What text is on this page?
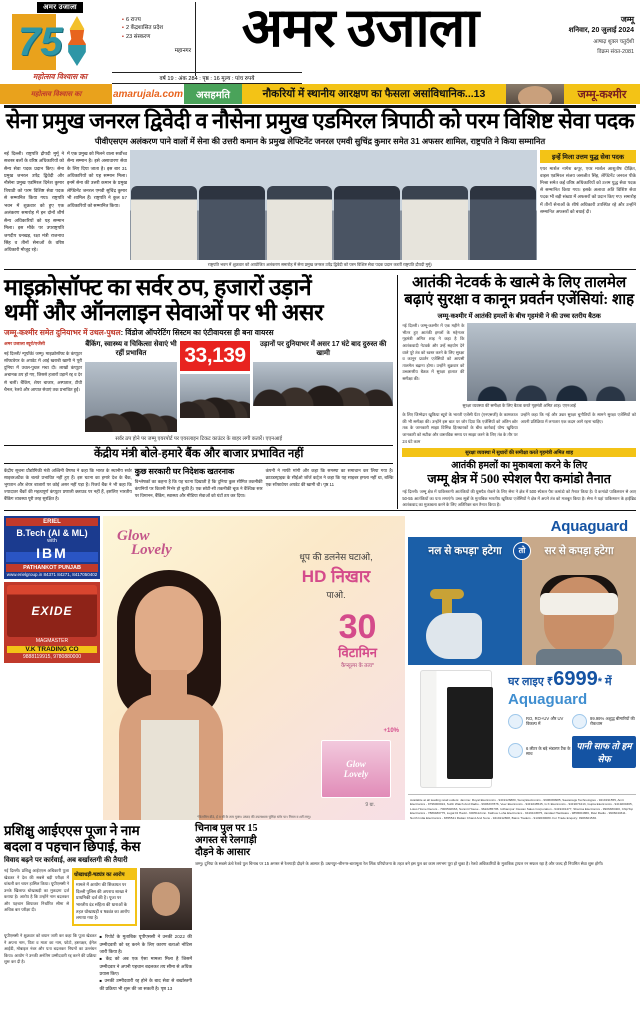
अमर उजाला
75
महोत्सव विश्वास का
▪ 6 राज्य
▪ 2 केंद्रशासित प्रदेश
▪ 23 संस्करण
महानगर अमर उजाला	जम्मू
शनिवार, 20 जुलाई 2024
आषाढ़ शुक्ल चतुर्दशी
विक्रम संवत-2081
वर्ष 19 : अंक 284 : पृष्ठ : 16 मूल्य : पांच रुपये
महोत्सव विश्वास का	amarujala.com	असहमति	नौकरियों में स्थानीय आरक्षण का फैसला असांविधानिक...13	जम्मू-कश्मीर
सेना प्रमुख जनरल द्विवेदी व नौसेना प्रमुख एडमिरल त्रिपाठी को परम विशिष्ट सेवा पदक
पीवीएसएम अलंकरण पाने वालों में सेना की उत्तरी कमान के प्रमुख लेफ्टिनेंट जनरल एमवी सुचिंद्र कुमार समेत 31 अफसर शामिल, राष्ट्रपति ने किया सम्मानित
नई दिल्ली। राष्ट्रपति द्रौपदी मुर्मू ने सशस्त्र बलों के वरिष्ठ अधिकारियों को सैन्य सेवा पदक प्रदान किए। सेना प्रमुख जनरल उपेंद्र द्विवेदी और नौसेना प्रमुख एडमिरल दिनेश कुमार त्रिपाठी को परम विशिष्ट सेवा पदक से सम्मानित किया गया। राष्ट्रपति भवन में शुक्रवार को हुए एक अलंकरण समारोह में इन दोनों शीर्ष सैन्य अधिकारियों को यह सम्मान मिला। इस मौके पर उपराष्ट्रपति जगदीप धनखड़, रक्षा मंत्री राजनाथ सिंह व तीनों सेनाओं के वरिष्ठ अधिकारी मौजूद रहे।
में एक प्रमुख को मिलने वाला सर्वोच्च सैन्य सम्मान है। इसे असाधारण सेवा के लिए दिया जाता है। इस बार 31 अधिकारियों को यह सम्मान मिला। इनमें सेना की उत्तरी कमान के प्रमुख लेफ्टिनेंट जनरल एमवी सुचिंद्र कुमार भी शामिल हैं। राष्ट्रपति ने कुल 57 अधिकारियों को सम्मानित किया।
इन्हें मिला उत्तम युद्ध सेवा पदक
एयर मार्शल नागेश कपूर, एयर मार्शल आशुतोष दीक्षित, वाइस एडमिरल संजय जसजीत सिंह, लेफ्टिनेंट जनरल पीके मिश्रा समेत कई वरिष्ठ अधिकारियों को उत्तम युद्ध सेवा पदक से सम्मानित किया गया। इसके अलावा अति विशिष्ट सेवा पदक भी बड़ी संख्या में अफसरों को प्रदान किए गए। समारोह में तीनों सेनाओं के शीर्ष अधिकारी उपस्थित रहे और उन्होंने सम्मानित अफसरों को बधाई दी।
राष्ट्रपति भवन में शुक्रवार को आयोजित अलंकरण समारोह में सेना प्रमुख जनरल उपेंद्र द्विवेदी को परम विशिष्ट सेवा पदक प्रदान करतीं राष्ट्रपति द्रौपदी मुर्मू।
माइक्रोसॉफ्ट का सर्वर ठप, हजारों उड़ानें
थमीं और ऑनलाइन सेवाओं पर भी असर
जम्मू-कश्मीर समेत दुनियाभर में उथल-पुथल: विंडोज ऑपरेटिंग सिस्टम का एंटीवायरस ही बना वायरस
अमर उजाला ब्यूरो/एजेंसी
नई दिल्ली/ न्यूयॉर्क/ जम्मू। माइक्रोसॉफ्ट के कंप्यूटर सॉफ्टवेयर के अपडेट में आई खराबी खामी ने पूरी दुनिया में उथल-पुथल मचा दी। लाखों कंप्यूटर अचानक ठप हो गए, जिससे हजारों उड़ानें रद्द व देर से चलीं। बैंकिंग, शेयर बाजार, अस्पताल, टीवी चैनल, रेलवे और आपात सेवाएं तक प्रभावित हुईं।
बैंकिंग, स्वास्थ्य व चिकित्सा सेवाएं भी रहीं प्रभावित	33,139	उड़ानों पर दुनियाभर में असर 17 घंटे बाद दुरुस्त की खामी
सर्वर ठप होने पर जम्मू एयरपोर्ट पर एयरलाइन टिकट काउंटर के बाहर लगी कतारें। एएनआई
केंद्रीय मंत्री बोले-हमारे बैंक और बाजार प्रभावित नहीं
केंद्रीय सूचना प्रौद्योगिकी मंत्री अश्विनी वैष्णव ने कहा कि भारत के स्थानीय सर्वर साइबरअटैक के चलते प्रभावित नहीं हुए हैं। इस घटना का हमारे देश के बैंक, भुगतान और शेयर बाजारों पर कोई असर नहीं पड़ा है। रिजर्व बैंक ने भी कहा कि ज्यादातर बैंकों की महत्वपूर्ण कंप्यूटर प्रणाली क्लाउड पर नहीं हैं, इसलिए भारतीय बैंकिंग व्यवस्था पूरी तरह सुरक्षित है।
कुछ सरकारी घर निदेशक खतरनाक
विश्लेषकों का कहना है कि यह घटना दिखाती है कि दुनिया कुछ सीमित तकनीकी कंपनियों पर कितनी निर्भर हो चुकी है। एक छोटी-सी तकनीकी चूक ने वैश्विक स्तर पर विमानन, बैंकिंग, स्वास्थ्य और मीडिया सेवाओं को घंटों ठप कर दिया।
कंपनी ने माफी मांगी और कहा कि समस्या का समाधान कर लिया गया है। क्राउडस्ट्राइक के सीईओ जॉर्ज कर्ट्ज ने कहा कि यह साइबर हमला नहीं था, बल्कि एक सॉफ्टवेयर अपडेट की खामी थी। पृष्ठ 11
आतंकी नेटवर्क के खात्मे के लिए तालमेल
बढ़ाएं सुरक्षा व कानून प्रवर्तन एजेंसियां: शाह
जम्मू-कश्मीर में आतंकी हमलों के बीच गृहमंत्री ने की उच्च स्तरीय बैठक
नई दिल्ली। जम्मू-कश्मीर में एक महीने के भीतर हुए आतंकी हमलों के मद्देनजर गृहमंत्री अमित शाह ने कहा है कि आतंकवादी नेटवर्क और उन्हें सहयोग देने वाले पूरे तंत्र को ध्वस्त करने के लिए सुरक्षा व कानून प्रवर्तन एजेंसियों को आपसी तालमेल बढ़ाना होगा। उन्होंने शुक्रवार को उच्चस्तरीय बैठक में सुरक्षा हालात की समीक्षा की।
सुरक्षा व्यवस्था की समीक्षा के लिए बैठक करते गृहमंत्री अमित शाह। एएनआई
के लिए जिम्मेदार खुफिया ब्यूरो के भारती एजेंसी पेंटर (एनएसजी) के कामकाज की भी समीक्षा की। उन्होंने इस बात पर जोर दिया कि एजेंसियों को अंतिम छोर तक के जानकारी साझा विभिन्न हितधारकों के बीच कार्रवाई योग्य खुफिया जानकारी को सटीक और वास्तविक समय पर साझा करने के लिए तंत्र के तौर पर 24 घंटे काम
उन्होंने कहा कि नई और उन्नत सुरक्षा चुनौतियों के सामने सुरक्षा एजेंसियों को अपनी प्रतिक्रिया में लगातार एक कदम आगे रहना चाहिए।
सुरक्षा व्यवस्था में सुधारों की समीक्षा करते गृहमंत्री अमित शाह
आतंकी हमलों का मुकाबला करने के लिए
जम्मू क्षेत्र में 500 स्पेशल पैरा कमांडो तैनात
नई दिल्ली। जम्मू क्षेत्र में पाकिस्तानी आतंकियों की घुसपैठ रोकने के लिए सेना ने क्षेत्र में 500 स्पेशल पैरा कमांडो को तैनात किया है। ये कमांडो पाकिस्तान से आए 50-55 आतंकियों का पता लगाएंगे। उच्च सूत्रों के मुताबिक भारतीय खुफिया एजेंसियों ने क्षेत्र में अपने तंत्र को मजबूत किया है। सेना ने यहां पाकिस्तान के हाईब्रिड आतंकवाद का मुकाबला करने के लिए अतिरिक्त बल तैनात किया है।
ERIEL
B.Tech (AI & ML)
with
IBM
PATHANKOT PUNJAB
www.erielgroup.in 84371 84271, 8417050402
EXIDE
MAGMASTER
V.K TRADING CO
9888119915, 9780880000
Glow
Lovely	धूप की डलनेस घटाओ,
HD निखार
पाओ.
30
विटामिन
कैप्सूल्स के तत्व*
+10%
Glow
Lovely
9 ग्रा.
*विटामिन बी3, ई व सी के तत्व युक्त। उत्पाद की उपलब्धता चुनिंदा स्टोर पर। नियम व शर्तें लागू।
Aquaguard
नल से कपड़ा' हटेगा	सर से कपड़ा हटेगा
तो
घर लाइए ₹6999* में
Aquaguard
RO, RO+UV और UV विकल्प में
99.99% अशुद्ध बीमारियों की रोकथाम
6 लीटर के बड़े भंडारण टैंक के साथ
पानी साफ तो हम सेफ
Available at all leading retail outlets: Jammu: Royal Electronics - 9419126880, Suraj Electronics - 9906080985, Sawaswgs Technologies - 9419191555, Amit Electronics - 9796000024, Subh Watch And Radio - 9906337876, Veer Electronics - 9419248545, G K Electronics - 9419074213, Gupta Electronics - 9419200465, Lotus Home Decors - 7006502663, Sunmit House - 9622285795. Udhampur: Dewan Sales Corporation - 9419401477, Sharma Electronics - 9906380400, ChipTop Electronics - 7889480775, Lugal Di Hadd - 6005112nnn. Kathua: Loha Electronics - 9419103875, Jandaul Hardware - 9858004866, Ravi Radio - 9906044611. North India Electronics - 8355541 Rattan Chand And Sons - 9419212808, Bains Traders - 9149630080. For Trade Enquiry: 9906601536.
प्रशिक्षु आईएएस पूजा ने नाम
बदला व पहचान छिपाई, केस
विवाद बढ़ने पर कार्रवाई, अब बर्खास्तगी की तैयारी
नई दिल्ली। प्रशिक्षु आईएएस अधिकारी पूजा खेडकर ने देश की सबसे बड़ी परीक्षा में धांधली कर चयन हासिल किया। यूपीएससी ने उनके खिलाफ धोखाधड़ी का मुकदमा दर्ज कराया है। आरोप है कि उन्होंने नाम बदलकर और पहचान छिपाकर निर्धारित सीमा से अधिक बार परीक्षा दी।
धोखाधड़ी-षड्यंत्र का आरोप
मामले में आयोग की शिकायत पर दिल्ली पुलिस की अपराध शाखा ने प्राथमिकी दर्ज की है। पूजा पर भारतीय दंड संहिता की धाराओं के तहत धोखाधड़ी व षड्यंत्र का आरोप लगाया गया है।
यूपीएससी ने शुक्रवार को बयान जारी कर कहा कि पूजा खेडकर ने अपना नाम, पिता व माता का नाम, फोटो, हस्ताक्षर, ईमेल आईडी, मोबाइल नंबर और पता बदलकर नियमों का उल्लंघन किया। आयोग ने उनकी अनंतिम उम्मीदवारी रद्द करने की प्रक्रिया शुरू कर दी है।
■ रिपोर्ट के मुताबिक यूपीएससी ने उनकी 2022 की उम्मीदवारी को रद्द करने के लिए कारण बताओ नोटिस जारी किया है।
■ केंद्र को अब एक ऐसा मामला मिला है जिसमें उम्मीदवार ने अपनी पहचान बदलकर तय सीमा से अधिक प्रयास किए।
■ उनकी उम्मीदवारी रद्द होने के बाद सेवा से बर्खास्तगी की प्रक्रिया भी शुरू की जा सकती है। पृष्ठ 13
चिनाब पुल पर 15
अगस्त से रेलगाड़ी
दौड़ने के आसार
जम्मू। दुनिया के सबसे ऊंचे रेलवे पुल चिनाब पर 15 अगस्त से रेलगाड़ी दौड़ने के आसार हैं। उधमपुर-श्रीनगर-बारामूला रेल लिंक परियोजना के तहत बने इस पुल का काम लगभग पूरा हो चुका है। रेलवे अधिकारियों के मुताबिक ट्रायल रन सफल रहा है और जल्द ही नियमित सेवा शुरू होगी।
